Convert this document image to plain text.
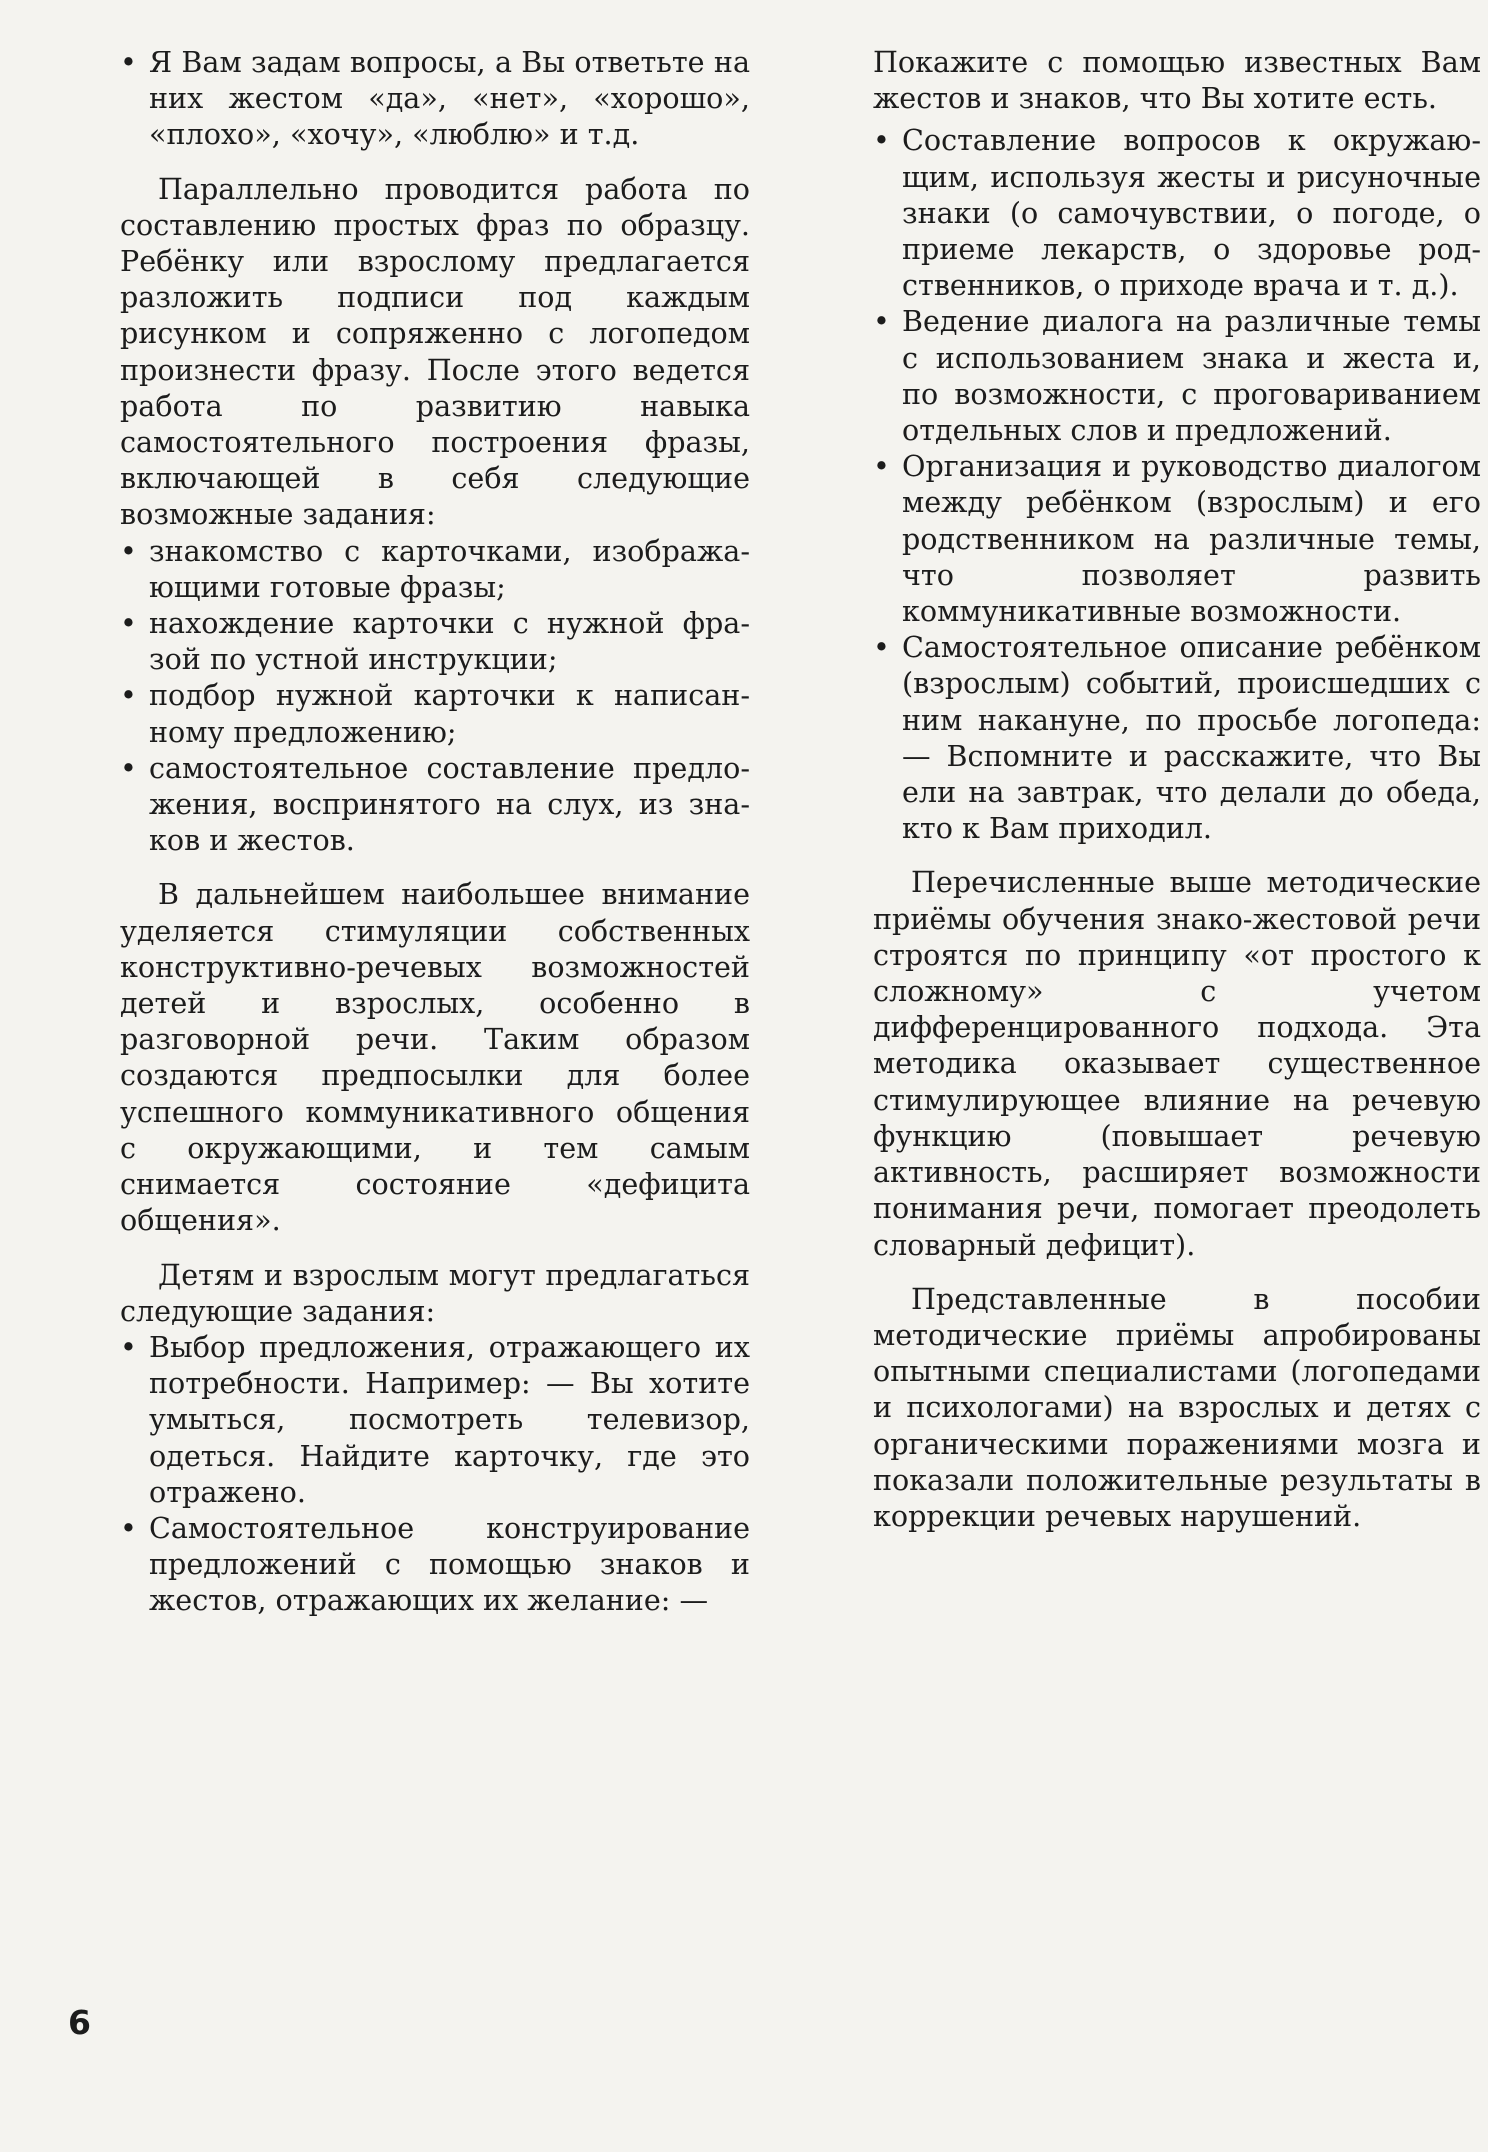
• Я Вам задам вопросы, а Вы ответьте на них жестом «да», «нет», «хорошо», «плохо», «хочу», «люблю» и т.д.

Параллельно проводится работа по составлению простых фраз по образцу. Ребёнку или взрослому предлагается разложить подписи под каждым рисунком и сопряженно с логопедом произнести фразу. После этого ведется работа по развитию навыка самостоятельного построения фразы, включающей в себя следующие возможные задания:

• знакомство с карточками, изображающими готовые фразы;
• нахождение карточки с нужной фразой по устной инструкции;
• подбор нужной карточки к написанному предложению;
• самостоятельное составление предложения, воспринятого на слух, из знаков и жестов.

В дальнейшем наибольшее внимание уделяется стимуляции собственных конструктивно-речевых возможностей детей и взрослых, особенно в разговорной речи. Таким образом создаются предпосылки для более успешного коммуникативного общения с окружающими, и тем самым снимается состояние «дефицита общения».

Детям и взрослым могут предлагаться следующие задания:

• Выбор предложения, отражающего их потребности. Например: — Вы хотите умыться, посмотреть телевизор, одеться. Найдите карточку, где это отражено.
• Самостоятельное конструирование предложений с помощью знаков и жестов, отражающих их желание: —

Покажите с помощью известных Вам жестов и знаков, что Вы хотите есть.

• Составление вопросов к окружающим, используя жесты и рисуночные знаки (о самочувствии, о погоде, о приеме лекарств, о здоровье родственников, о приходе врача и т. д.).
• Ведение диалога на различные темы с использованием знака и жеста и, по возможности, с проговариванием отдельных слов и предложений.
• Организация и руководство диалогом между ребёнком (взрослым) и его родственником на различные темы, что позволяет развить коммуникативные возможности.
• Самостоятельное описание ребёнком (взрослым) событий, происшедших с ним накануне, по просьбе логопеда: — Вспомните и расскажите, что Вы ели на завтрак, что делали до обеда, кто к Вам приходил.

Перечисленные выше методические приёмы обучения знако-жестовой речи строятся по принципу «от простого к сложному» с учетом дифференцированного подхода. Эта методика оказывает существенное стимулирующее влияние на речевую функцию (повышает речевую активность, расширяет возможности понимания речи, помогает преодолеть словарный дефицит).

Представленные в пособии методические приёмы апробированы опытными специалистами (логопедами и психологами) на взрослых и детях с органическими поражениями мозга и показали положительные результаты в коррекции речевых нарушений.

6
